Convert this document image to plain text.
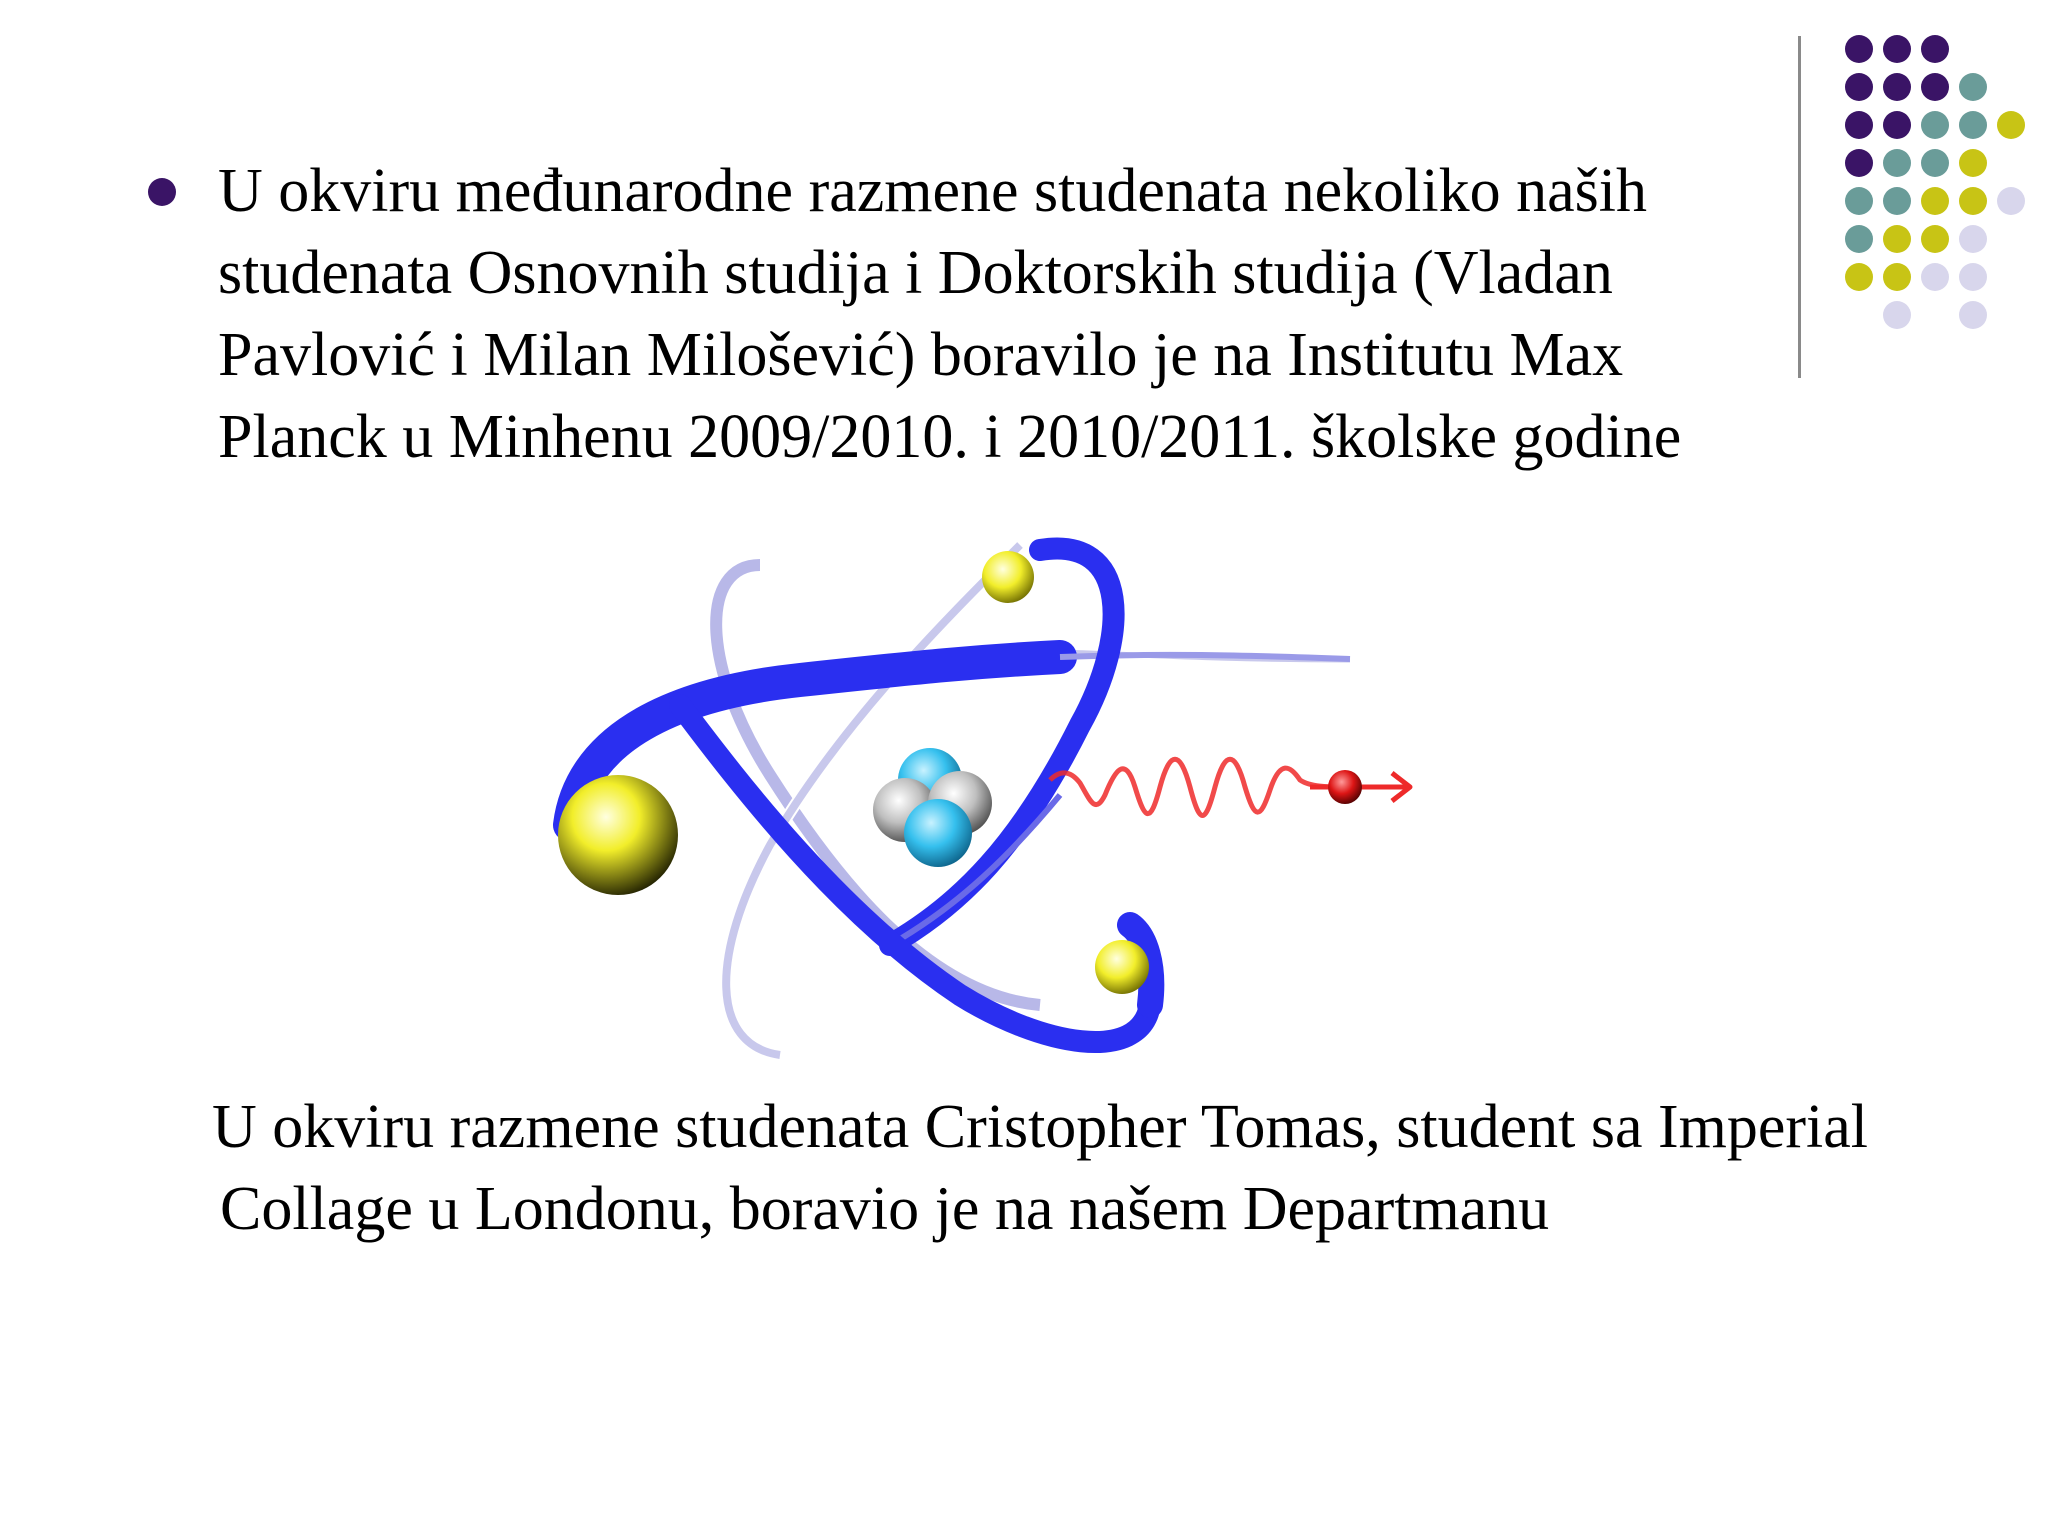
U okviru međunarodne razmene studenata nekoliko naših studenata Osnovnih studija i Doktorskih studija (Vladan Pavlović i Milan Milošević) boravilo je na Institutu Max Planck u Minhenu 2009/2010. i 2010/2011. školske godine

U okviru razmene studenata Cristopher Tomas, student sa Imperial Collage u Londonu, boravio je na našem Departmanu
